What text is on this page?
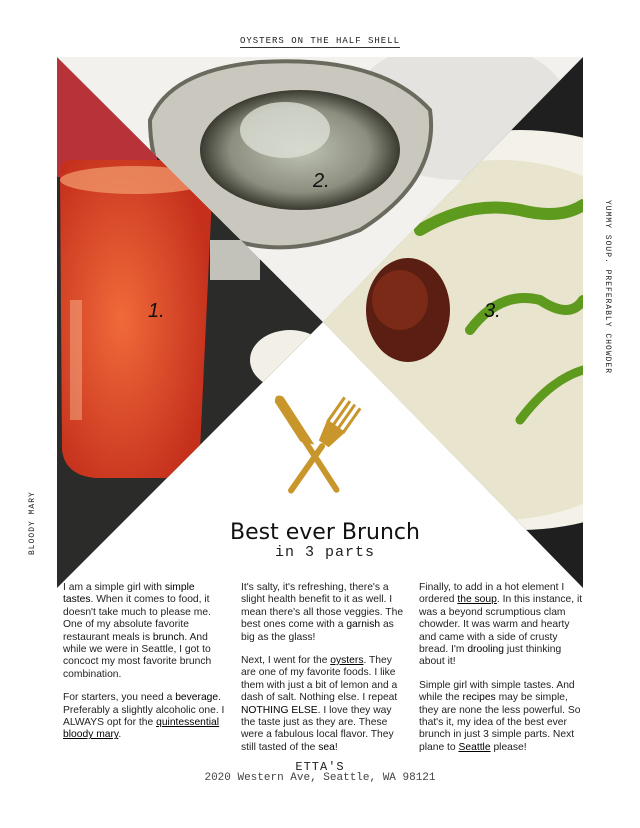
OYSTERS ON THE HALF SHELL
BLOODY MARY
YUMMY SOUP. PREFERABLY CHOWDER
1.
2.
3.
Best ever Brunch
in 3 parts

I am a simple girl with simple tastes. When it comes to food, it doesn't take much to please me. One of my absolute favorite restaurant meals is brunch. And while we were in Seattle, I got to concoct my most favorite brunch combination.

For starters, you need a beverage. Preferably a slightly alcoholic one. I ALWAYS opt for the quintessential bloody mary.

It's salty, it's refreshing, there's a slight health benefit to it as well. I mean there's all those veggies. The best ones come with a garnish as big as the glass!

Next, I went for the oysters. They are one of my favorite foods. I like them with just a bit of lemon and a dash of salt. Nothing else. I repeat NOTHING ELSE. I love they way the taste just as they are. These were a fabulous local flavor. They still tasted of the sea!

Finally, to add in a hot element I ordered the soup. In this instance, it was a beyond scrumptious clam chowder. It was warm and hearty and came with a side of crusty bread. I'm drooling just thinking about it!

Simple girl with simple tastes. And while the recipes may be simple, they are none the less powerful. So that's it, my idea of the best ever brunch in just 3 simple parts. Next plane to Seattle please!

ETTA'S
2020 Western Ave, Seattle, WA 98121
